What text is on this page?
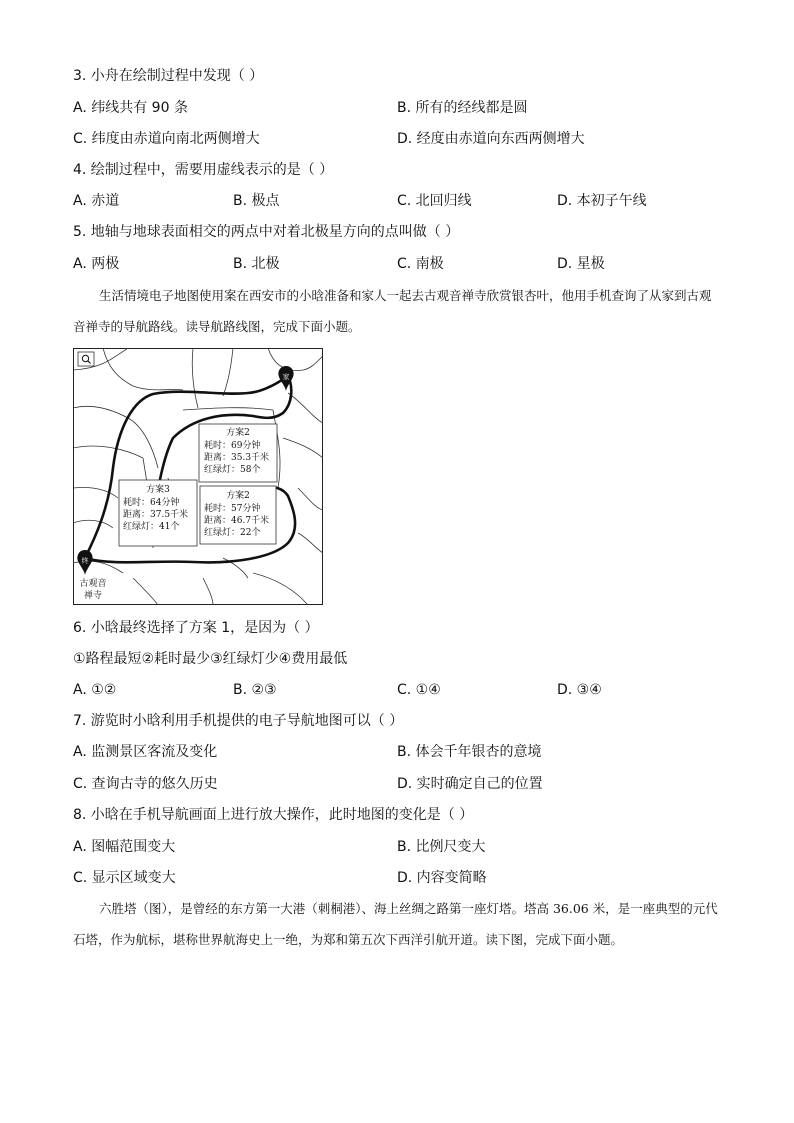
3. 小舟在绘制过程中发现（ ）
A. 纬线共有 90 条	B. 所有的经线都是圆
C. 纬度由赤道向南北两侧增大	D. 经度由赤道向东西两侧增大
4. 绘制过程中，需要用虚线表示的是（ ）
A. 赤道	B. 极点	C. 北回归线	D. 本初子午线
5. 地轴与地球表面相交的两点中对着北极星方向的点叫做（ ）
A. 两极	B. 北极	C. 南极	D. 星极
生活情境电子地图使用案在西安市的小晗准备和家人一起去古观音禅寺欣赏银杏叶，他用手机查询了从家到古观音禅寺的导航路线。读导航路线图，完成下面小题。
家
终
古观音
禅寺
方案2
耗时：69分钟
距离：35.3千米
红绿灯：58个
方案3
耗时：64分钟
距离：37.5千米
红绿灯：41个
方案2
耗时：57分钟
距离：46.7千米
红绿灯：22个
6. 小晗最终选择了方案 1，是因为（ ）
①路程最短②耗时最少③红绿灯少④费用最低
A. ①②	B. ②③	C. ①④	D. ③④
7. 游览时小晗利用手机提供的电子导航地图可以（ ）
A. 监测景区客流及变化	B. 体会千年银杏的意境
C. 查询古寺的悠久历史	D. 实时确定自己的位置
8. 小晗在手机导航画面上进行放大操作，此时地图的变化是（ ）
A. 图幅范围变大	B. 比例尺变大
C. 显示区域变大	D. 内容变简略
六胜塔（图），是曾经的东方第一大港（刺桐港）、海上丝绸之路第一座灯塔。塔高 36.06 米，是一座典型的元代石塔，作为航标，堪称世界航海史上一绝，为郑和第五次下西洋引航开道。读下图，完成下面小题。
